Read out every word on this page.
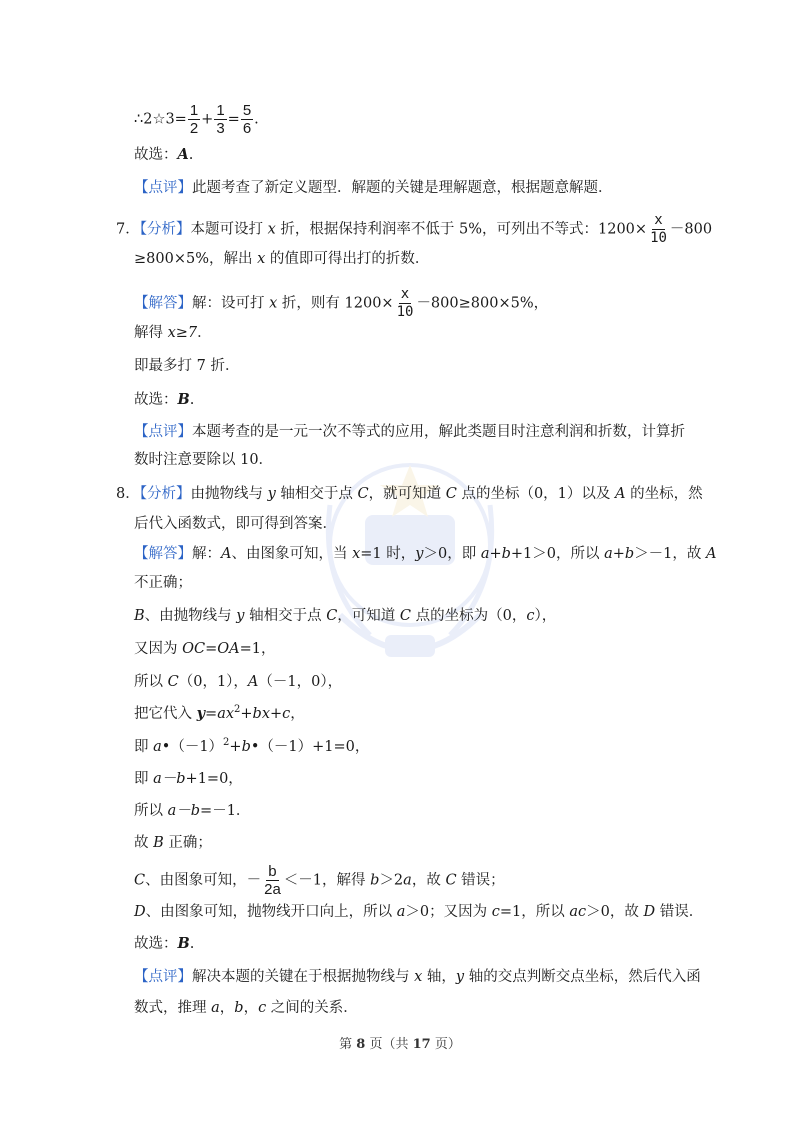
∴2☆3= $\frac{1}{2} + \frac{1}{3} = \frac{5}{6}$ .
故选：A.
【点评】此题考查了新定义题型．解题的关键是理解题意，根据题意解题．
7．【分析】本题可设打 x 折，根据保持利润率不低于 5%，可列出不等式：$1200\times \frac{x}{10} -800$
≥800×5%，解出 x 的值即可得出打的折数．
【解答】解：设可打 x 折，则有 $1200\times \frac{x}{10} -800\ge 800\times 5\%$，
解得 x≥7．
即最多打 7 折．
故选：B.
【点评】本题考查的是一元一次不等式的应用，解此类题目时注意利润和折数，计算折
数时注意要除以 10．
8．【分析】由抛物线与 y 轴相交于点 C，就可知道 C 点的坐标（0，1）以及 A 的坐标，然
后代入函数式，即可得到答案．
【解答】解：A、由图象可知，当 x=1 时，y＞0，即 a+b+1＞0，所以 a+b＞－1，故 A
不正确；
B、由抛物线与 y 轴相交于点 C，可知道 C 点的坐标为（0，c），
又因为 OC=OA=1，
所以 C（0，1），A（－1，0），
把它代入 $y=ax^2+bx+c$，
即 $a•(-1)^2+b•(-1)+1=0$，
即 a－b+1=0，
所以 a－b=－1．
故 B 正确；
C、由图象可知，－ $\frac{b}{2a} <-1$，解得 b＞2a，故 C 错误；
D、由图象可知，抛物线开口向上，所以 a＞0；又因为 c=1，所以 ac＞0，故 D 错误．
故选：B.
【点评】解决本题的关键在于根据抛物线与 x 轴，y 轴的交点判断交点坐标，然后代入函
数式，推理 a，b，c 之间的关系．
第 8 页（共 17 页）
